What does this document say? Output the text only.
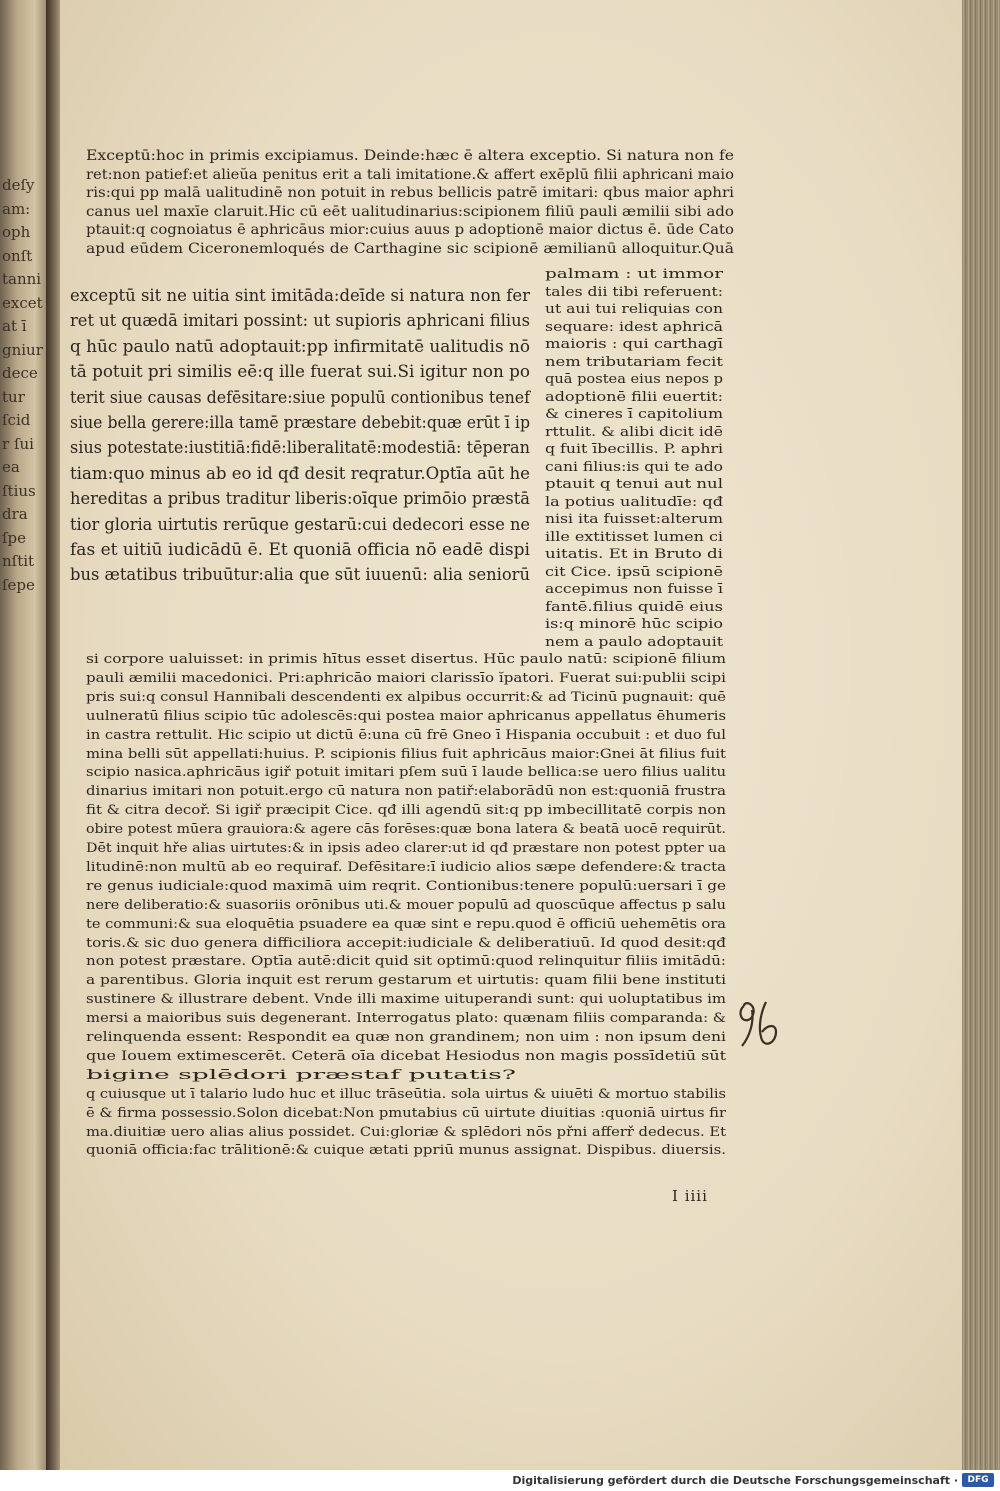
Exceptū:hoc in primis excipiamus. Deinde:hæc ē altera exceptio. Si natura non fe
ret:non patief:et alieŭa penitus erit a tali imitatione.& affert exēplū filii aphricani maio
ris:qui pp malā ualitudinē non potuit in rebus bellicis patrē imitari: qbus maior aphri
canus uel maxīe claruit.Hic cū eēt ualitudinarius:scipionem filiū pauli æmilii sibi ado
ptauit:q cognoiatus ē aphricāus mior:cuius auus p adoptionē maior dictus ē. ūde Cato
apud eūdem Ciceronemloqués de Carthagine sic scipionē æmilianū alloquitur.Quā
exceptū sit ne uitia sint imitāda:deīde si natura non fer
ret ut quædā imitari possint: ut supioris aphricani filius
q hūc paulo natū adoptauit:pp infirmitatē ualitudis nō
tā potuit pri similis eē:q ille fuerat sui.Si igitur non po
terit siue causas defēsitare:siue populū contionibus tenef
siue bella gerere:illa tamē præstare debebit:quæ erūt ī ip
sius potestate:iustitiā:fidē:liberalitatē:modestiā: tēperan
tiam:quo minus ab eo id qđ desit reqratur.Optīa aūt he
hereditas a pribus traditur liberis:oīque primōio præstā
tior gloria uirtutis rerūque gestarū:cui dedecori esse ne
fas et uitiū iudicādū ē. Et quoniā officia nō eadē dispi
bus ætatibus tribuūtur:alia que sūt iuuenū: alia seniorū
palmam : ut immor
tales dii tibi referuent:
ut aui tui reliquias con
sequare: idest aphricā
maioris : qui carthagī
nem tributariam fecit
quā postea eius nepos p
adoptionē filii euertit:
& cineres ī capitolium
rttulit. & alibi dicit idē
q fuit ībecillis. P. aphri
cani filius:is qui te ado
ptauit q tenui aut nul
la potius ualitudīe: qđ
nisi ita fuisset:alterum
ille extitisset lumen ci
uitatis. Et in Bruto di
cit Cice. ipsū scipionē
accepimus non fuisse ī
fantē.filius quidē eius
is:q minorē hūc scipio
nem a paulo adoptauit
si corpore ualuisset: in primis hītus esset disertus. Hūc paulo natū: scipionē filium
pauli æmilii macedonici. Pri:aphricāo maiori clarissīo ĭpatori. Fuerat sui:publii scipi
pris sui:q consul Hannibali descendenti ex alpibus occurrit:& ad Ticinū pugnauit: quē
uulneratū filius scipio tūc adolescēs:qui postea maior aphricanus appellatus ēhumeris
in castra rettulit. Hic scipio ut dictū ē:una cū frē Gneo ī Hispania occubuit : et duo ful
mina belli sūt appellati:huius. P. scipionis filius fuit aphricāus maior:Gnei āt filius fuit
scipio nasica.aphricāus igiř potuit imitari pſem suū ī laude bellica:se uero filius ualitu
dinarius imitari non potuit.ergo cū natura non patiř:elaborādū non est:quoniā frustra
fit & citra decoř. Si igiř præcipit Cice. qđ illi agendū sit:q pp imbecillitatē corpis non
obire potest mūera grauiora:& agere cās forēses:quæ bona latera & beatā uocē requirūt.
Dēt inquit hře alias uirtutes:& in ipsis adeo clarer:ut id qđ præstare non potest ppter ua
litudinē:non multū ab eo requiraf. Defēsitare:ī iudicio alios sæpe defendere:& tracta
re genus iudiciale:quod maximā uim reqrit. Contionibus:tenere populū:uersari ī ge
nere deliberatio:& suasoriis orōnibus uti.& mouer populū ad quoscūque affectus p salu
te communi:& sua eloquētia psuadere ea quæ sint e repu.quod ē officiū uehemētis ora
toris.& sic duo genera difficiliora accepit:iudiciale & deliberatiuū. Id quod desit:qđ
non potest præstare. Optīa autē:dicit quid sit optimū:quod relinquitur filiis imitādū:
a parentibus. Gloria inquit est rerum gestarum et uirtutis: quam filii bene instituti
sustinere & illustrare debent. Vnde illi maxime uituperandi sunt: qui uoluptatibus im
mersi a maioribus suis degenerant. Interrogatus plato: quænam filiis comparanda: &
relinquenda essent: Respondit ea quæ non grandinem; non uim : non ipsum deni
que Iouem extimescerēt. Ceterā oīa dicebat Hesiodus non magis possīdetiū sūt
q cuiusque ut ī talario ludo huc et illuc trāseūtia. sola uirtus & uiuēti & mortuo stabilis
ē & firma possessio.Solon dicebat:Non pmutabius cū uirtute diuitias :quoniā uirtus fir
ma.diuitiæ uero alias alius possidet. Cui:gloriæ & splēdori nōs přni afferř dedecus. Et
quoniā officia:fac trālitionē:& cuique ætati ppriū munus assignat. Dispibus. diuersis.
bigine splēdori præstaf putatis?
I iiii
deſy
am:
oph
onſt
tanni
excet
at ī
gniur
dece
tur
ſcid
r ſui
ea
ſtius
dra
ſpe
nſtit
ſepe
Digitalisierung gefördert durch die Deutsche Forschungsgemeinschaft ·	DFG
